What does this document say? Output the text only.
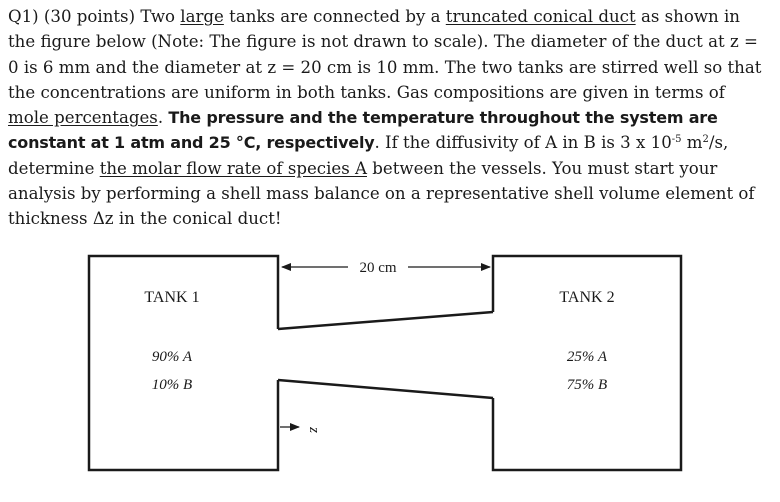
Q1) (30 points) Two large tanks are connected by a truncated conical duct as shown in the figure below (Note: The figure is not drawn to scale). The diameter of the duct at z = 0 is 6 mm and the diameter at z = 20 cm is 10 mm. The two tanks are stirred well so that the concentrations are uniform in both tanks. Gas compositions are given in terms of mole percentages. The pressure and the temperature throughout the system are constant at 1 atm and 25 °C, respectively. If the diffusivity of A in B is 3 x $10^{-5}$ $m^2/s$, determine the molar flow rate of species A between the vessels. You must start your analysis by performing a shell mass balance on a representative shell volume element of thickness Δz in the conical duct!

20 cm
TANK 1
90% A
10% B
TANK 2
25% A
75% B
z
